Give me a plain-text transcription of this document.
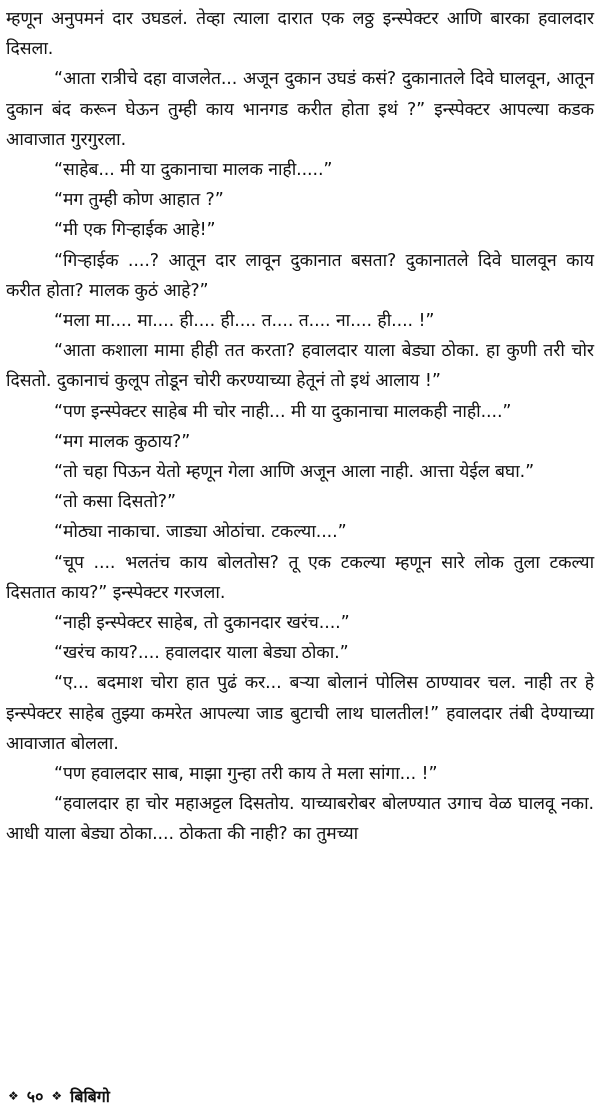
म्हणून अनुपमनं दार उघडलं. तेव्हा त्याला दारात एक लठ्ठ इन्स्पेक्टर आणि बारका हवालदार दिसला.

“आता रात्रीचे दहा वाजलेत... अजून दुकान उघडं कसं? दुकानातले दिवे घालवून, आतून दुकान बंद करून घेऊन तुम्ही काय भानगड करीत होता इथं ?” इन्स्पेक्टर आपल्या कडक आवाजात गुरगुरला.

“साहेब... मी या दुकानाचा मालक नाही.....”

“मग तुम्ही कोण आहात ?”

“मी एक गिऱ्हाईक आहे!”

“गिऱ्हाईक ....? आतून दार लावून दुकानात बसता? दुकानातले दिवे घालवून काय करीत होता? मालक कुठं आहे?”

“मला मा.... मा.... ही.... ही.... त.... त.... ना.... ही.... !”

“आता कशाला मामा हीही तत करता? हवालदार याला बेड्या ठोका. हा कुणी तरी चोर दिसतो. दुकानाचं कुलूप तोडून चोरी करण्याच्या हेतूनं तो इथं आलाय !”

“पण इन्स्पेक्टर साहेब मी चोर नाही... मी या दुकानाचा मालकही नाही....”

“मग मालक कुठाय?”

“तो चहा पिऊन येतो म्हणून गेला आणि अजून आला नाही. आत्ता येईल बघा.”

“तो कसा दिसतो?”

“मोठ्या नाकाचा. जाड्या ओठांचा. टकल्या....”

“चूप .... भलतंच काय बोलतोस? तू एक टकल्या म्हणून सारे लोक तुला टकल्या दिसतात काय?” इन्स्पेक्टर गरजला.

“नाही इन्स्पेक्टर साहेब, तो दुकानदार खरंच....”

“खरंच काय?.... हवालदार याला बेड्या ठोका.”

“ए... बदमाश चोरा हात पुढं कर... बऱ्या बोलानं पोलिस ठाण्यावर चल. नाही तर हे इन्स्पेक्टर साहेब तुझ्या कमरेत आपल्या जाड बुटाची लाथ घालतील!” हवालदार तंबी देण्याच्या आवाजात बोलला.

“पण हवालदार साब, माझा गुन्हा तरी काय ते मला सांगा... !”

“हवालदार हा चोर महाअट्टल दिसतोय. याच्याबरोबर बोलण्यात उगाच वेळ घालवू नका. आधी याला बेड्या ठोका.... ठोकता की नाही? का तुमच्या

❖ ५० ❖ बिबिगो
